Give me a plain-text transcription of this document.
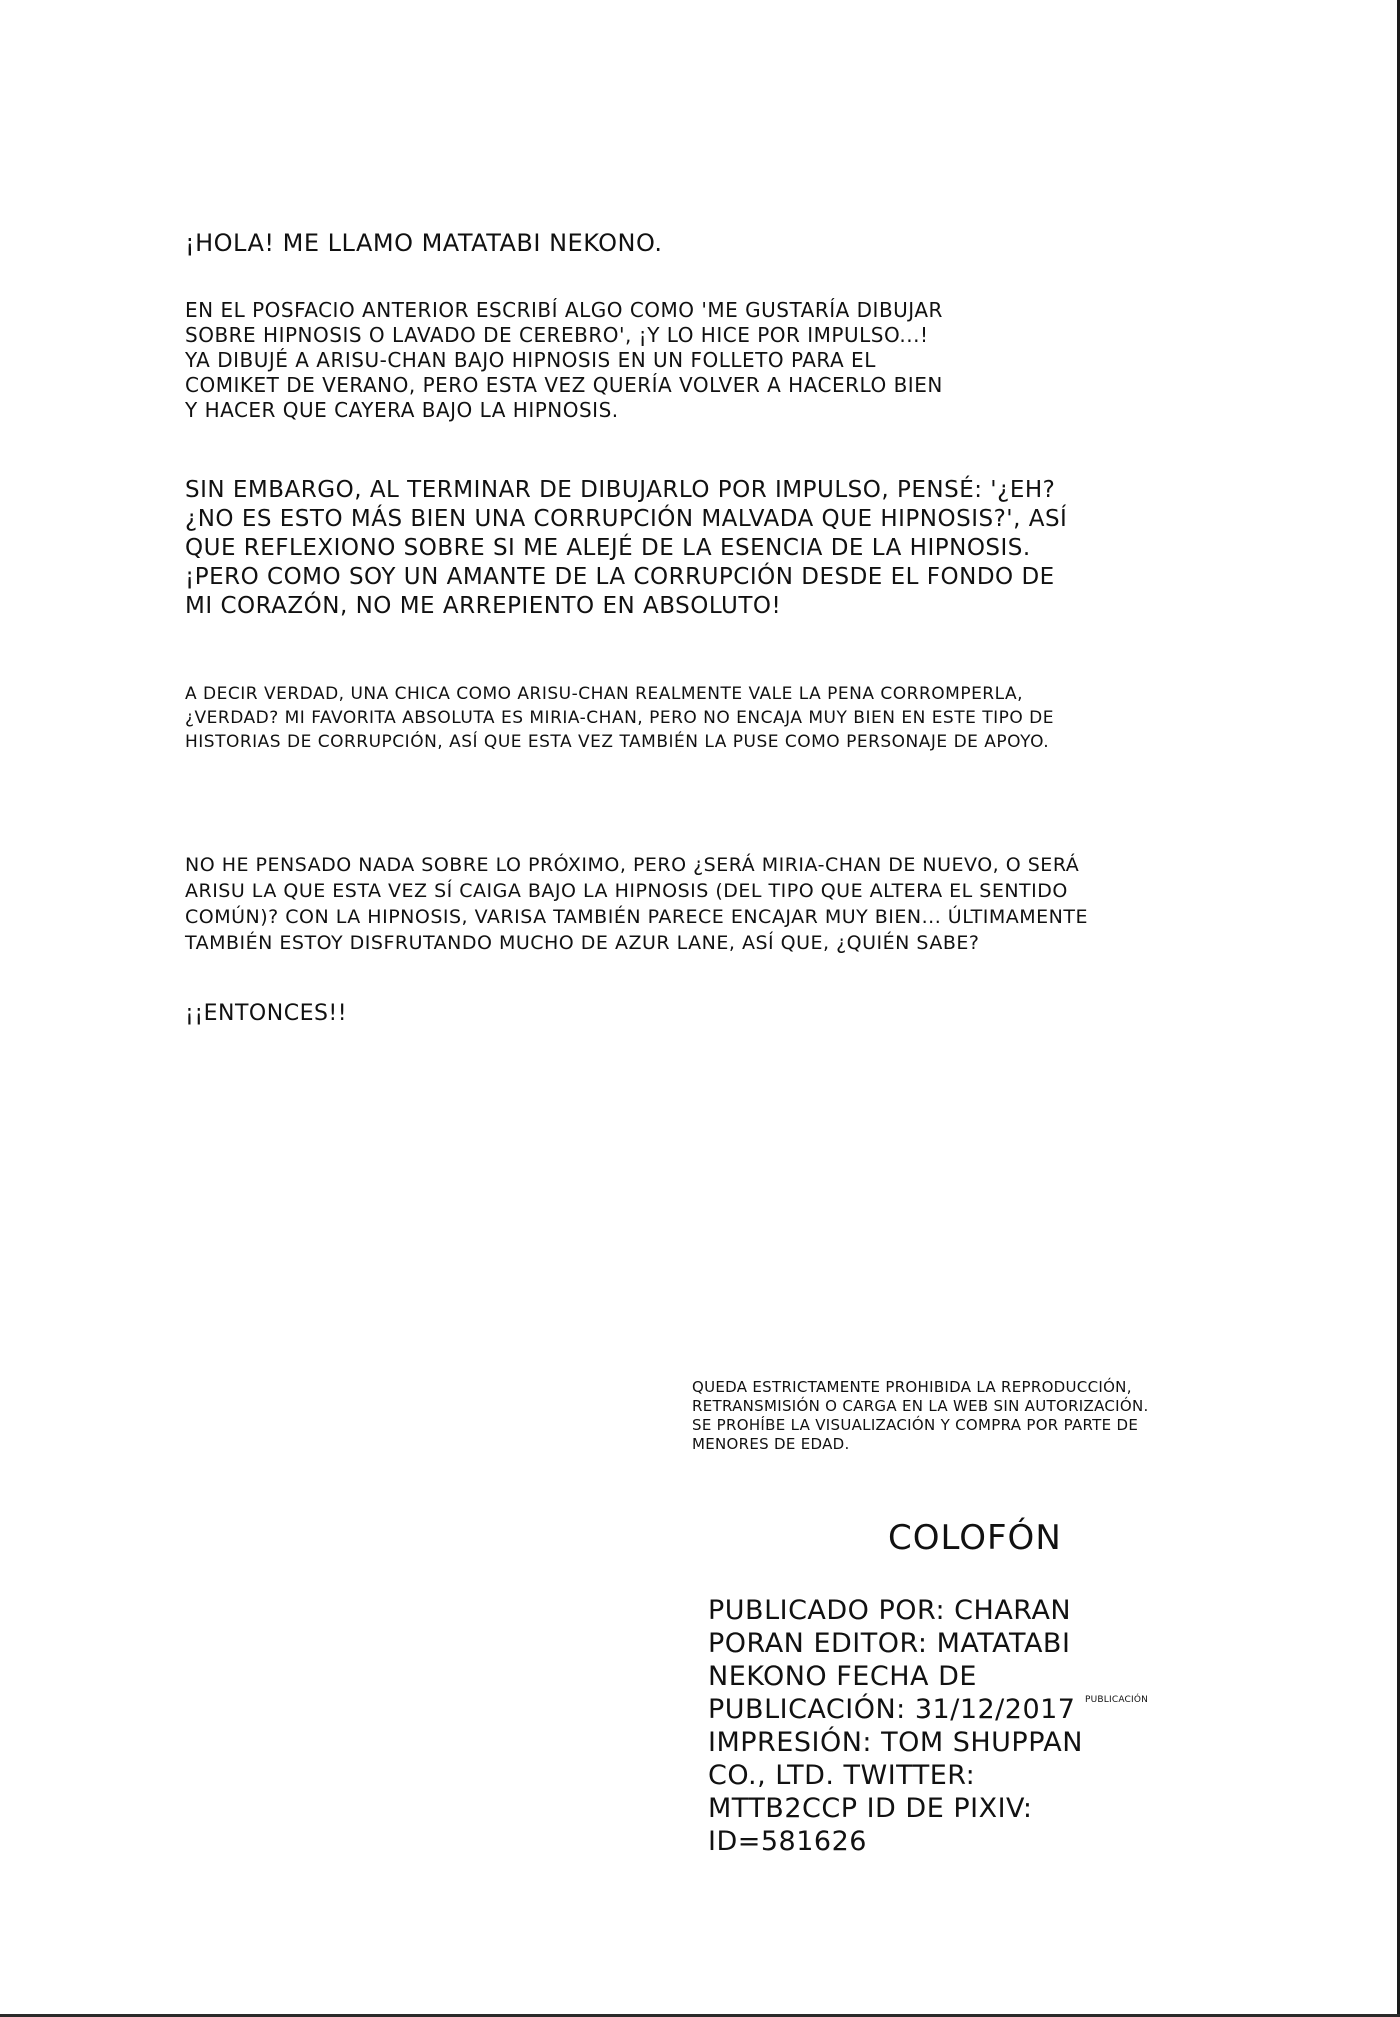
¡HOLA! ME LLAMO MATATABI NEKONO.

EN EL POSFACIO ANTERIOR ESCRIBÍ ALGO COMO 'ME GUSTARÍA DIBUJAR
SOBRE HIPNOSIS O LAVADO DE CEREBRO', ¡Y LO HICE POR IMPULSO...!
YA DIBUJÉ A ARISU-CHAN BAJO HIPNOSIS EN UN FOLLETO PARA EL
COMIKET DE VERANO, PERO ESTA VEZ QUERÍA VOLVER A HACERLO BIEN
Y HACER QUE CAYERA BAJO LA HIPNOSIS.

SIN EMBARGO, AL TERMINAR DE DIBUJARLO POR IMPULSO, PENSÉ: '¿EH?
¿NO ES ESTO MÁS BIEN UNA CORRUPCIÓN MALVADA QUE HIPNOSIS?', ASÍ
QUE REFLEXIONO SOBRE SI ME ALEJÉ DE LA ESENCIA DE LA HIPNOSIS.
¡PERO COMO SOY UN AMANTE DE LA CORRUPCIÓN DESDE EL FONDO DE
MI CORAZÓN, NO ME ARREPIENTO EN ABSOLUTO!

A DECIR VERDAD, UNA CHICA COMO ARISU-CHAN REALMENTE VALE LA PENA CORROMPERLA,
¿VERDAD? MI FAVORITA ABSOLUTA ES MIRIA-CHAN, PERO NO ENCAJA MUY BIEN EN ESTE TIPO DE
HISTORIAS DE CORRUPCIÓN, ASÍ QUE ESTA VEZ TAMBIÉN LA PUSE COMO PERSONAJE DE APOYO.

NO HE PENSADO NADA SOBRE LO PRÓXIMO, PERO ¿SERÁ MIRIA-CHAN DE NUEVO, O SERÁ
ARISU LA QUE ESTA VEZ SÍ CAIGA BAJO LA HIPNOSIS (DEL TIPO QUE ALTERA EL SENTIDO
COMÚN)? CON LA HIPNOSIS, VARISA TAMBIÉN PARECE ENCAJAR MUY BIEN... ÚLTIMAMENTE
TAMBIÉN ESTOY DISFRUTANDO MUCHO DE AZUR LANE, ASÍ QUE, ¿QUIÉN SABE?

¡¡ENTONCES!!

QUEDA ESTRICTAMENTE PROHIBIDA LA REPRODUCCIÓN,
RETRANSMISIÓN O CARGA EN LA WEB SIN AUTORIZACIÓN.
SE PROHÍBE LA VISUALIZACIÓN Y COMPRA POR PARTE DE
MENORES DE EDAD.

COLOFÓN

PUBLICADO POR: CHARAN
PORAN EDITOR: MATATABI
NEKONO FECHA DE
PUBLICACIÓN: 31/12/2017
IMPRESIÓN: TOM SHUPPAN
CO., LTD. TWITTER:
MTTB2CCP ID DE PIXIV:
ID=581626

PUBLICACIÓN
